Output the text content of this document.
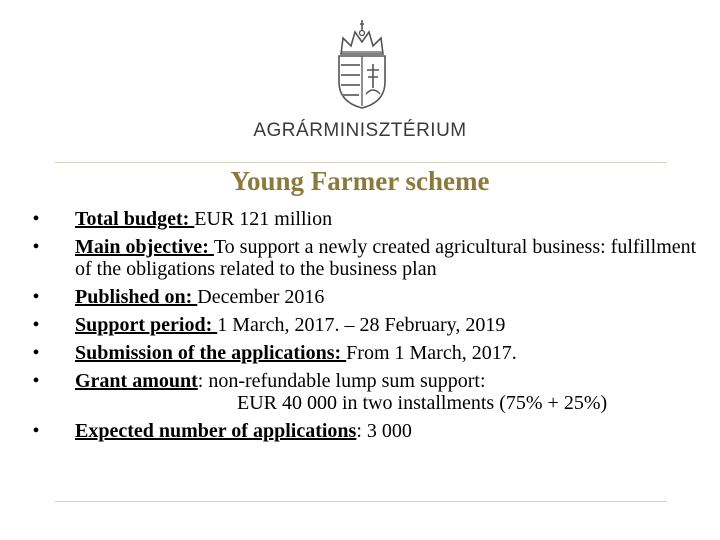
AGRÁRMINISZTÉRIUM
Young Farmer scheme
• Total budget: EUR 121 million
• Main objective: To support a newly created agricultural business: fulfillment of the obligations related to the business plan
• Published on: December 2016
• Support period: 1 March, 2017. – 28 February, 2019
• Submission of the applications: From 1 March, 2017.
• Grant amount: non-refundable lump sum support:
EUR 40 000 in two installments (75% + 25%)
• Expected number of applications: 3 000
